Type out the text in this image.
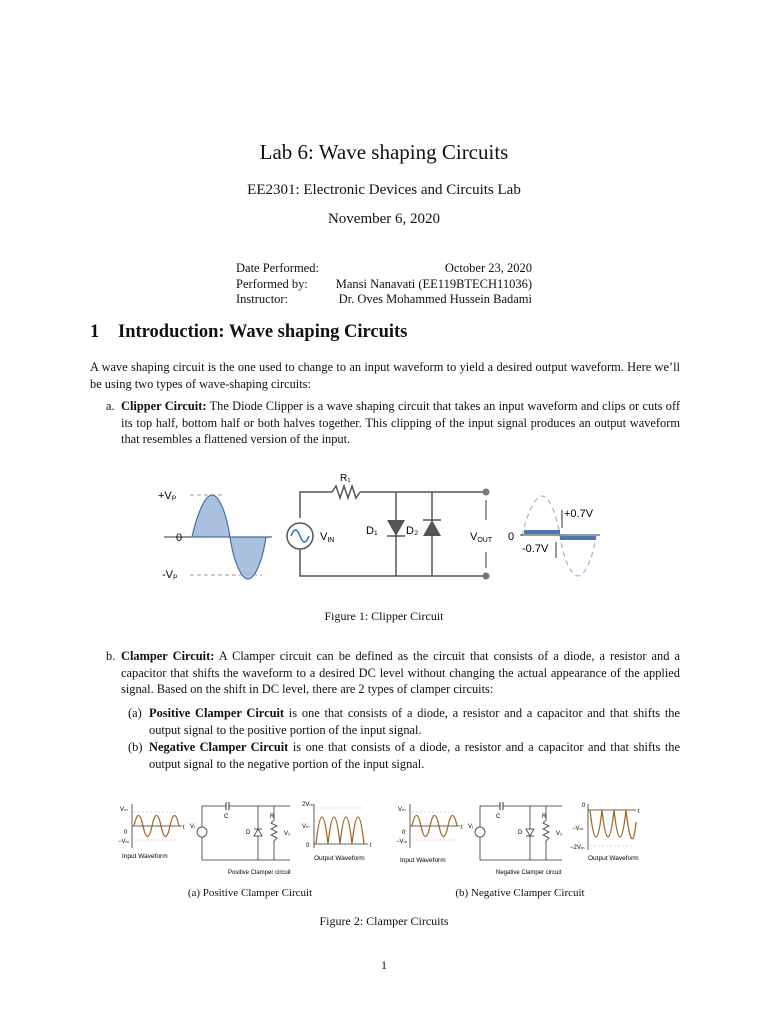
Lab 6: Wave shaping Circuits
EE2301: Electronic Devices and Circuits Lab
November 6, 2020
Date Performed:	October 23, 2020
Performed by: Mansi Nanavati (EE119BTECH11036)
Instructor:	Dr. Oves Mohammed Hussein Badami
1 Introduction: Wave shaping Circuits
A wave shaping circuit is the one used to change to an input waveform to yield a desired output waveform. Here we’ll be using two types of wave-shaping circuits:
a. Clipper Circuit: The Diode Clipper is a wave shaping circuit that takes an input waveform and clips or cuts off its top half, bottom half or both halves together. This clipping of the input signal produces an output waveform that resembles a flattened version of the input.
+Vₚ
0
-Vₚ
R₁
VIN
D₁	D₂	VOUT 0
+0.7V
-0.7V
Figure 1: Clipper Circuit
b. Clamper Circuit: A Clamper circuit can be defined as the circuit that consists of a diode, a resistor and a capacitor that shifts the waveform to a desired DC level without changing the actual appearance of the applied signal. Based on the shift in DC level, there are 2 types of clamper circuits:
(a) Positive Clamper Circuit is one that consists of a diode, a resistor and a capacitor and that shifts the output signal to the positive portion of the input signal.
(b) Negative Clamper Circuit is one that consists of a diode, a resistor and a capacitor and that shifts the output signal to the negative portion of the input signal.
Vₘ
t
0
−Vₘ
Input Waveform
Vᵢ
C
D
R
V₀
Positive Clamper circuit
2Vₘ
Vₘ
0	t
Output Waveform
Vₘ
t
0
−Vₘ
Input Waveform
Vᵢ
C
D
R
V₀
Negative Clamper circuit
0
t
−Vₘ
−2Vₘ
Output Waveform
(a) Positive Clamper Circuit	(b) Negative Clamper Circuit
Figure 2: Clamper Circuits
1
